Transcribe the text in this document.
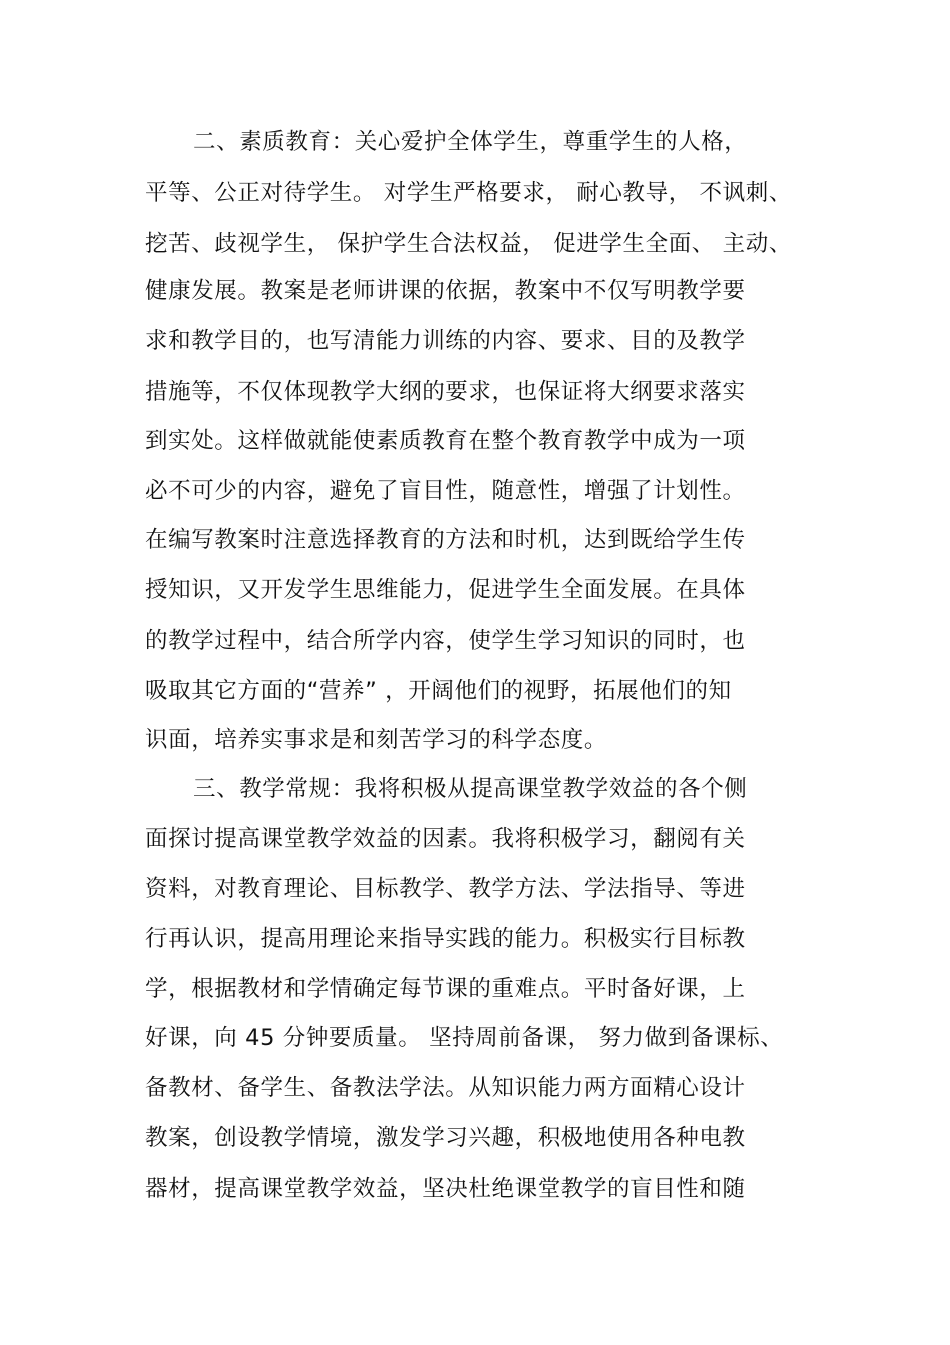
二、素质教育：关心爱护全体学生，尊重学生的人格，
平等、公正对待学生。 对学生严格要求， 耐心教导， 不讽刺、
挖苦、歧视学生， 保护学生合法权益， 促进学生全面、 主动、
健康发展。教案是老师讲课的依据，教案中不仅写明教学要
求和教学目的，也写清能力训练的内容、要求、目的及教学
措施等，不仅体现教学大纲的要求，也保证将大纲要求落实
到实处。这样做就能使素质教育在整个教育教学中成为一项
必不可少的内容，避免了盲目性，随意性，增强了计划性。
在编写教案时注意选择教育的方法和时机，达到既给学生传
授知识，又开发学生思维能力，促进学生全面发展。在具体
的教学过程中，结合所学内容，使学生学习知识的同时，也
吸取其它方面的“营养” ，开阔他们的视野，拓展他们的知
识面，培养实事求是和刻苦学习的科学态度。
三、教学常规：我将积极从提高课堂教学效益的各个侧
面探讨提高课堂教学效益的因素。我将积极学习，翻阅有关
资料，对教育理论、目标教学、教学方法、学法指导、等进
行再认识，提高用理论来指导实践的能力。积极实行目标教
学，根据教材和学情确定每节课的重难点。平时备好课，上
好课，向 45 分钟要质量。 坚持周前备课， 努力做到备课标、
备教材、备学生、备教法学法。从知识能力两方面精心设计
教案，创设教学情境，激发学习兴趣，积极地使用各种电教
器材，提高课堂教学效益，坚决杜绝课堂教学的盲目性和随
